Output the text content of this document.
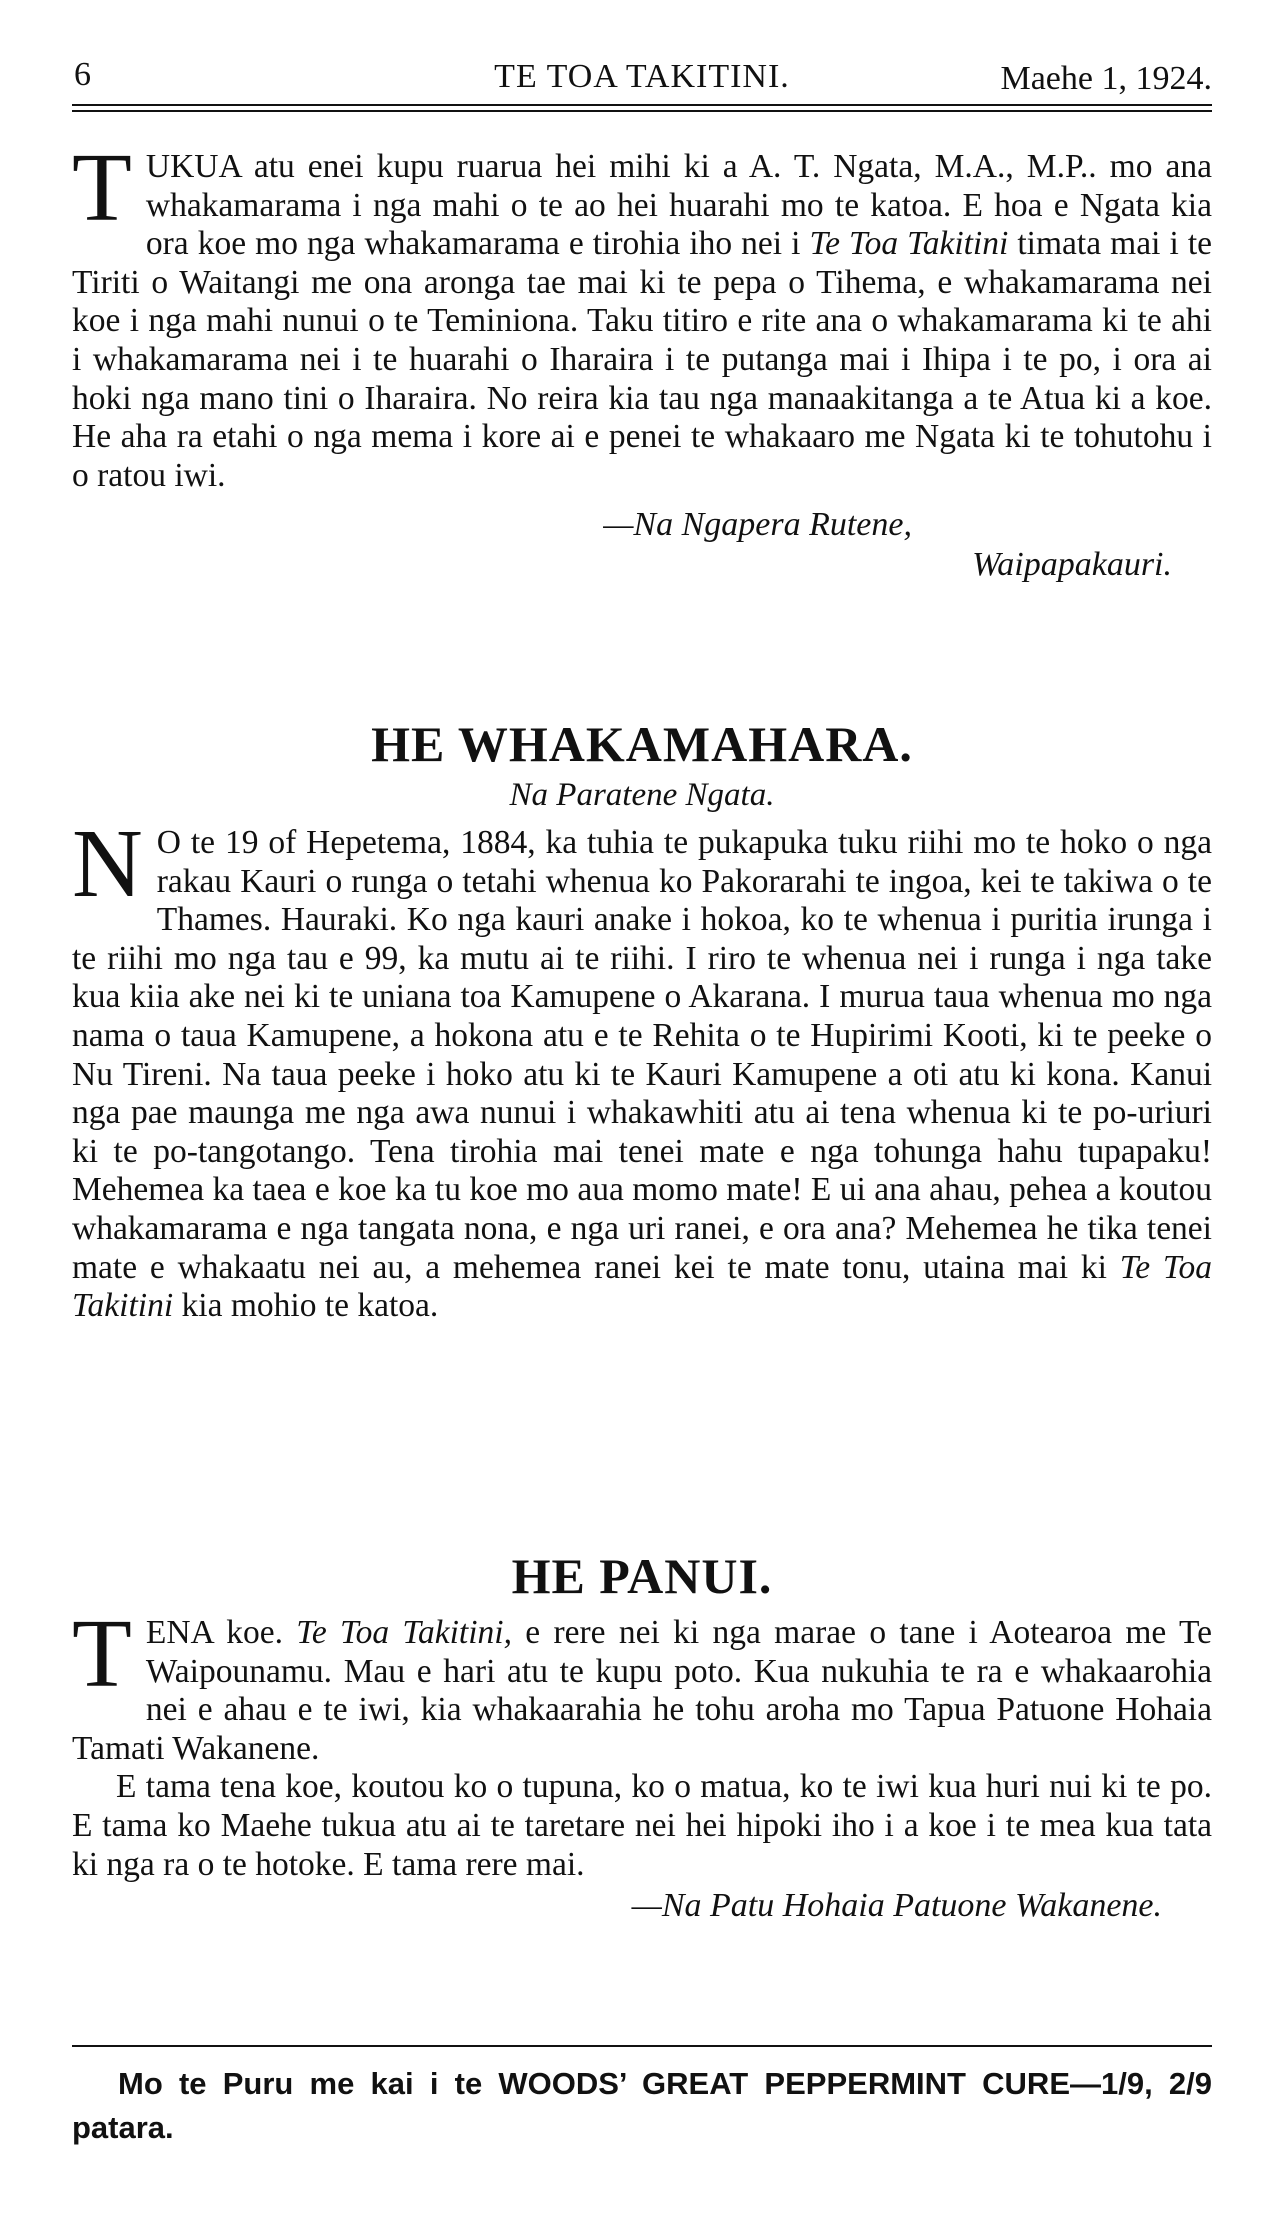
6	TE TOA TAKITINI.	Maehe 1, 1924.
TUKUA atu enei kupu ruarua hei mihi ki a A. T. Ngata, M.A., M.P.. mo ana whakamarama i nga mahi o te ao hei huarahi mo te katoa. E hoa e Ngata kia ora koe mo nga whakamarama e tirohia iho nei i Te Toa Takitini timata mai i te Tiriti o Waitangi me ona aronga tae mai ki te pepa o Tihema, e whakamarama nei koe i nga mahi nunui o te Teminiona. Taku titiro e rite ana o whakamarama ki te ahi i whakamarama nei i te huarahi o Iharaira i te putanga mai i Ihipa i te po, i ora ai hoki nga mano tini o Iharaira. No reira kia tau nga manaakitanga a te Atua ki a koe. He aha ra etahi o nga mema i kore ai e penei te whakaaro me Ngata ki te tohutohu i o ratou iwi.
—Na Ngapera Rutene,
Waipapakauri.
HE WHAKAMAHARA.
Na Paratene Ngata.
N O te 19 of Hepetema, 1884, ka tuhia te pukapuka tuku riihi mo te hoko o nga rakau Kauri o runga o tetahi whenua ko Pakorarahi te ingoa, kei te takiwa o te Thames. Hauraki. Ko nga kauri anake i hokoa, ko te whenua i puritia irunga i te riihi mo nga tau e 99, ka mutu ai te riihi. I riro te whenua nei i runga i nga take kua kiia ake nei ki te uniana toa Kamupene o Akarana. I murua taua whenua mo nga nama o taua Kamupene, a hokona atu e te Rehita o te Hupirimi Kooti, ki te peeke o Nu Tireni. Na taua peeke i hoko atu ki te Kauri Kamupene a oti atu ki kona. Kanui nga pae maunga me nga awa nunui i whakawhiti atu ai tena whenua ki te po-uriuri ki te po-tangotango. Tena tirohia mai tenei mate e nga tohunga hahu tupapaku! Mehemea ka taea e koe ka tu koe mo aua momo mate! E ui ana ahau, pehea a koutou whakamarama e nga tangata nona, e nga uri ranei, e ora ana? Mehemea he tika tenei mate e whakaatu nei au, a mehemea ranei kei te mate tonu, utaina mai ki Te Toa Takitini kia mohio te katoa.
HE PANUI.
TENA koe. Te Toa Takitini, e rere nei ki nga marae o tane i Aotearoa me Te Waipounamu. Mau e hari atu te kupu poto. Kua nukuhia te ra e whakaarohia nei e ahau e te iwi, kia whakaarahia he tohu aroha mo Tapua Patuone Hohaia Tamati Wakanene.
E tama tena koe, koutou ko o tupuna, ko o matua, ko te iwi kua huri nui ki te po. E tama ko Maehe tukua atu ai te taretare nei hei hipoki iho i a koe i te mea kua tata ki nga ra o te hotoke. E tama rere mai.
—Na Patu Hohaia Patuone Wakanene.
Mo te Puru me kai i te WOODS’ GREAT PEPPERMINT CURE—1/9, 2/9 patara.
